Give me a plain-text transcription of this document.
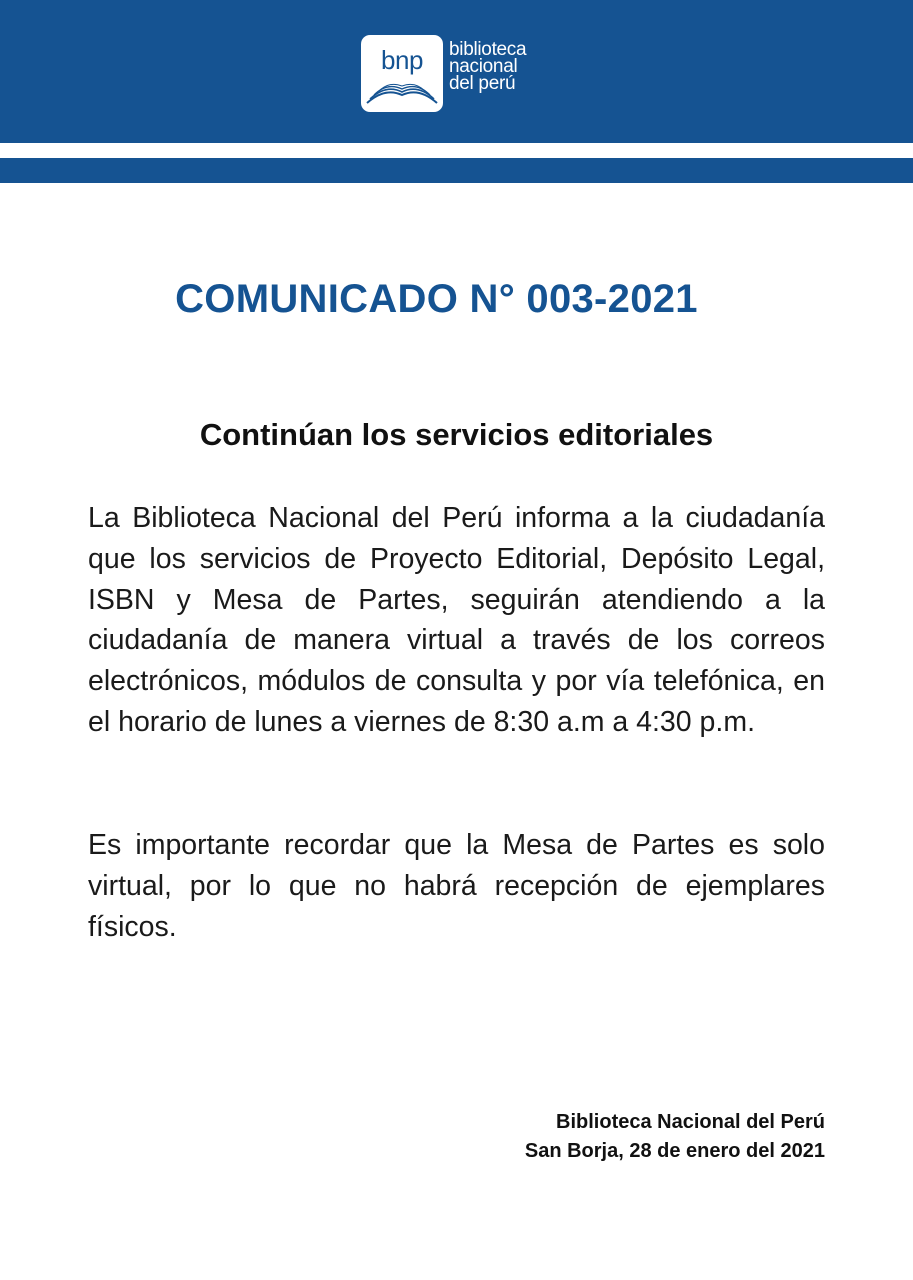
bnp	biblioteca
nacional
del perú
COMUNICADO N° 003-2021
Continúan los servicios editoriales

La Biblioteca Nacional del Perú informa a la ciudadanía que los servicios de Proyecto Editorial, Depósito Legal, ISBN y Mesa de Partes, seguirán atendiendo a la ciudadanía de manera virtual a través de los correos electrónicos, módulos de consulta y por vía telefónica, en el horario de lunes a viernes de 8:30 a.m a 4:30 p.m.

Es importante recordar que la Mesa de Partes es solo virtual, por lo que no habrá recepción de ejemplares físicos.

Biblioteca Nacional del Perú
San Borja, 28 de enero del 2021
